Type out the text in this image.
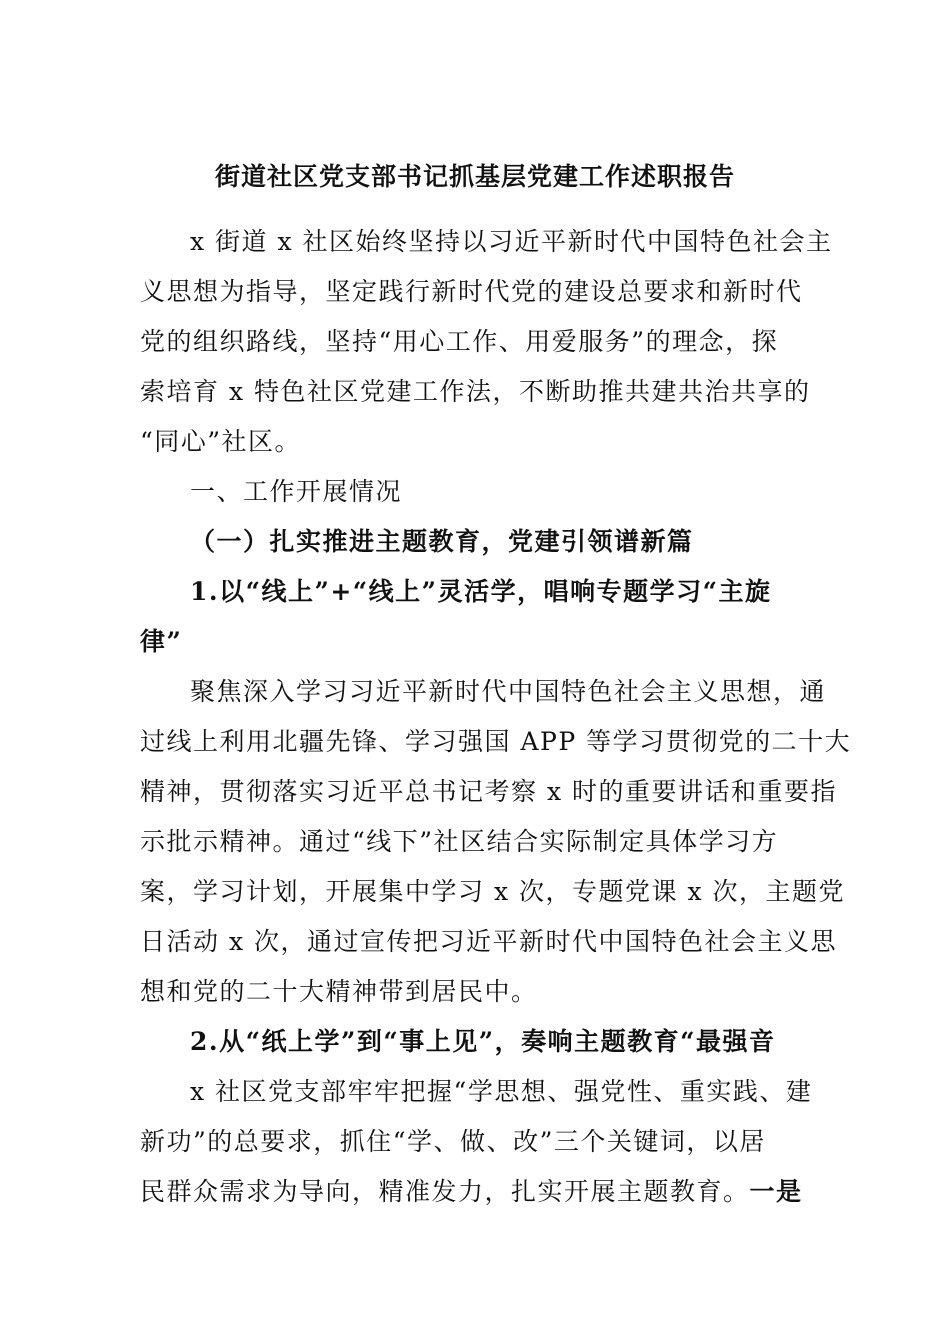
街道社区党支部书记抓基层党建工作述职报告
x 街道 x 社区始终坚持以习近平新时代中国特色社会主
义思想为指导，坚定践行新时代党的建设总要求和新时代
党的组织路线，坚持“用心工作、用爱服务”的理念，探
索培育 x 特色社区党建工作法，不断助推共建共治共享的
“同心”社区。
一、工作开展情况
（一）扎实推进主题教育，党建引领谱新篇
1.以“线上”+“线上”灵活学，唱响专题学习“主旋
律”
聚焦深入学习习近平新时代中国特色社会主义思想，通
过线上利用北疆先锋、学习强国 APP 等学习贯彻党的二十大
精神，贯彻落实习近平总书记考察 x 时的重要讲话和重要指
示批示精神。通过“线下”社区结合实际制定具体学习方
案，学习计划，开展集中学习 x 次，专题党课 x 次，主题党
日活动 x 次，通过宣传把习近平新时代中国特色社会主义思
想和党的二十大精神带到居民中。
2.从“纸上学”到“事上见”，奏响主题教育“最强音
x 社区党支部牢牢把握“学思想、强党性、重实践、建
新功”的总要求，抓住“学、做、改”三个关键词，以居
民群众需求为导向，精准发力，扎实开展主题教育。一是
